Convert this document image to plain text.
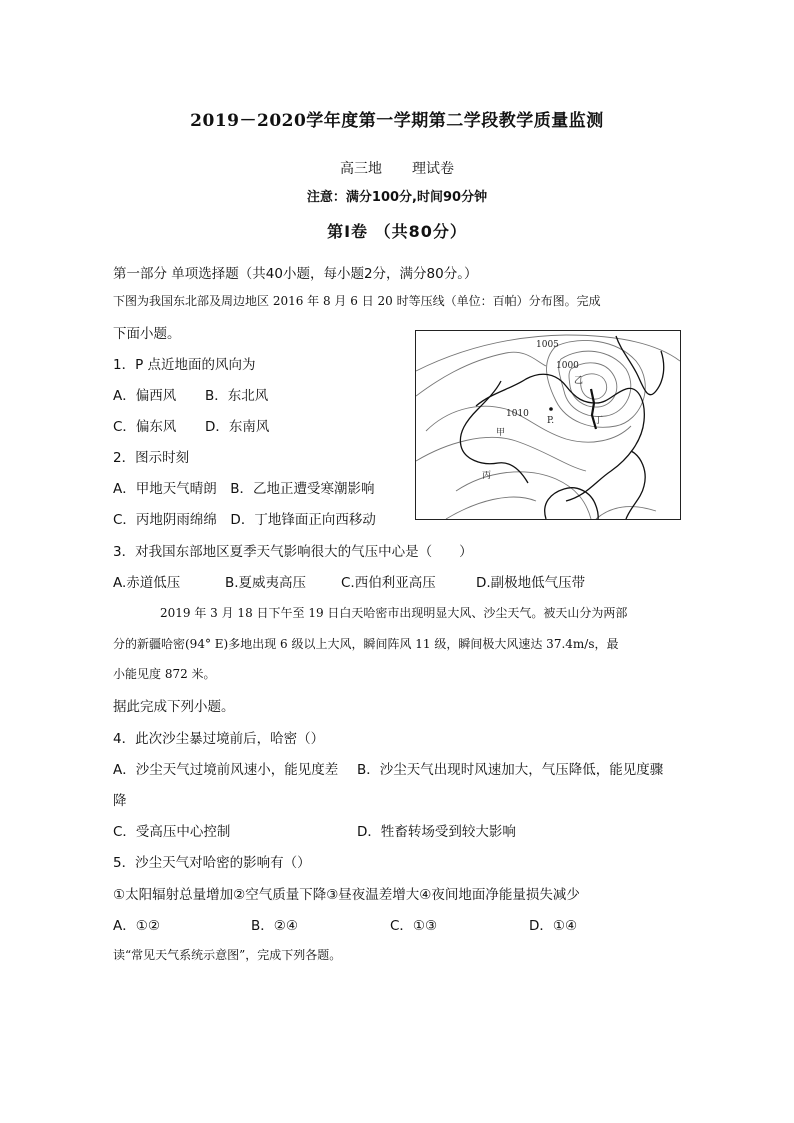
2019－2020学年度第一学期第二学段教学质量监测
高三地 理试卷
注意：满分100分,时间90分钟
第Ⅰ卷 （共80分）
第一部分 单项选择题（共40小题，每小题2分，满分80分。）
下图为我国东北部及周边地区 2016 年 8 月 6 日 20 时等压线（单位：百帕）分布图。完成
下面小题。
1005
1000
1010
乙
P.	丁
甲
丙
1．P 点近地面的风向为
A．偏西风 B．东北风
C．偏东风 D．东南风
2．图示时刻
A．甲地天气晴朗　B．乙地正遭受寒潮影响
C．丙地阴雨绵绵　D．丁地锋面正向西移动
3．对我国东部地区夏季天气影响很大的气压中心是（　　）
A.赤道低压	B.夏威夷高压	C.西伯利亚高压	D.副极地低气压带
2019 年 3 月 18 日下午至 19 日白天哈密市出现明显大风、沙尘天气。被天山分为两部
分的新疆哈密(94° E)多地出现 6 级以上大风，瞬间阵风 11 级，瞬间极大风速达 37.4m/s，最
小能见度 872 米。
据此完成下列小题。
4．此次沙尘暴过境前后，哈密（）
A．沙尘天气过境前风速小，能见度差 B．沙尘天气出现时风速加大，气压降低，能见度骤
降
C．受高压中心控制	D．牲畜转场受到较大影响
5．沙尘天气对哈密的影响有（）
①太阳辐射总量增加②空气质量下降③昼夜温差增大④夜间地面净能量损失减少
A．①②	B．②④	C．①③	D．①④
读“常见天气系统示意图”，完成下列各题。
